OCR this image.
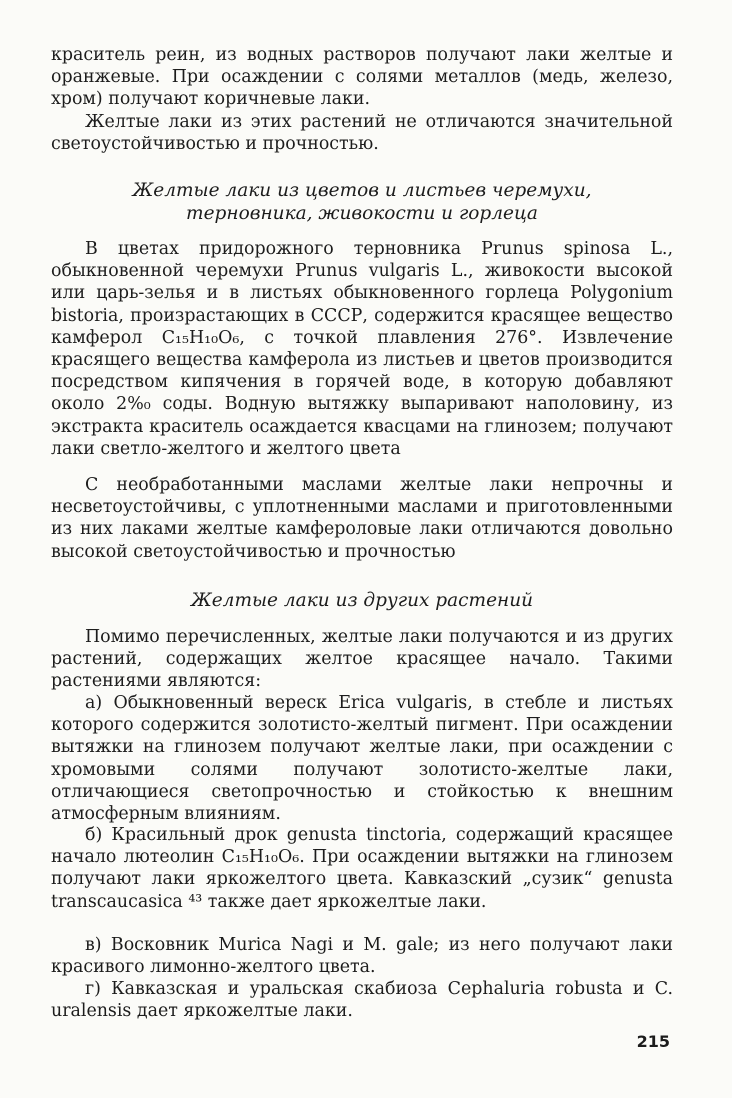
краситель реин, из водных растворов получают лаки желтые и оранжевые. При осаждении с солями металлов (медь, железо, хром) получают коричневые лаки.

Желтые лаки из этих растений не отличаются значительной светоустойчивостью и прочностью.

Желтые лаки из цветов и листьев черемухи,
терновника, живокости и горлеца

В цветах придорожного терновника Prunus spinosa L., обыкновенной черемухи Prunus vulgaris L., живокости высокой или царь-зелья и в листьях обыкновенного горлеца Polygonium bistoria, произрастающих в СССР, содержится красящее вещество камферол C₁₅H₁₀O₆, с точкой плавления 276°. Извлечение красящего вещества камферола из листьев и цветов производится посредством кипячения в горячей воде, в которую добавляют около 2%₀ соды. Водную вытяжку выпаривают наполовину, из экстракта краситель осаждается квасцами на глинозем; получают лаки светло-желтого и желтого цвета

С необработанными маслами желтые лаки непрочны и несветоустойчивы, с уплотненными маслами и приготовленными из них лаками желтые камфероловые лаки отличаются довольно высокой светоустойчивостью и прочностью

Желтые лаки из других растений

Помимо перечисленных, желтые лаки получаются и из других растений, содержащих желтое красящее начало. Такими растениями являются:

а) Обыкновенный вереск Erica vulgaris, в стебле и листьях которого содержится золотисто-желтый пигмент. При осаждении вытяжки на глинозем получают желтые лаки, при осаждении с хромовыми солями получают золотисто-желтые лаки, отличающиеся светопрочностью и стойкостью к внешним атмосферным влияниям.

б) Красильный дрок genusta tinctoria, содержащий красящее начало лютеолин C₁₅H₁₀O₆. При осаждении вытяжки на глинозем получают лаки яркожелтого цвета. Кавказский „сузик“ genusta transcaucasica ⁴³ также дает яркожелтые лаки.

в) Восковник Murica Nagi и M. gale; из него получают лаки красивого лимонно-желтого цвета.

г) Кавказская и уральская скабиоза Cephaluria robusta и C. uralensis дает яркожелтые лаки.

215
